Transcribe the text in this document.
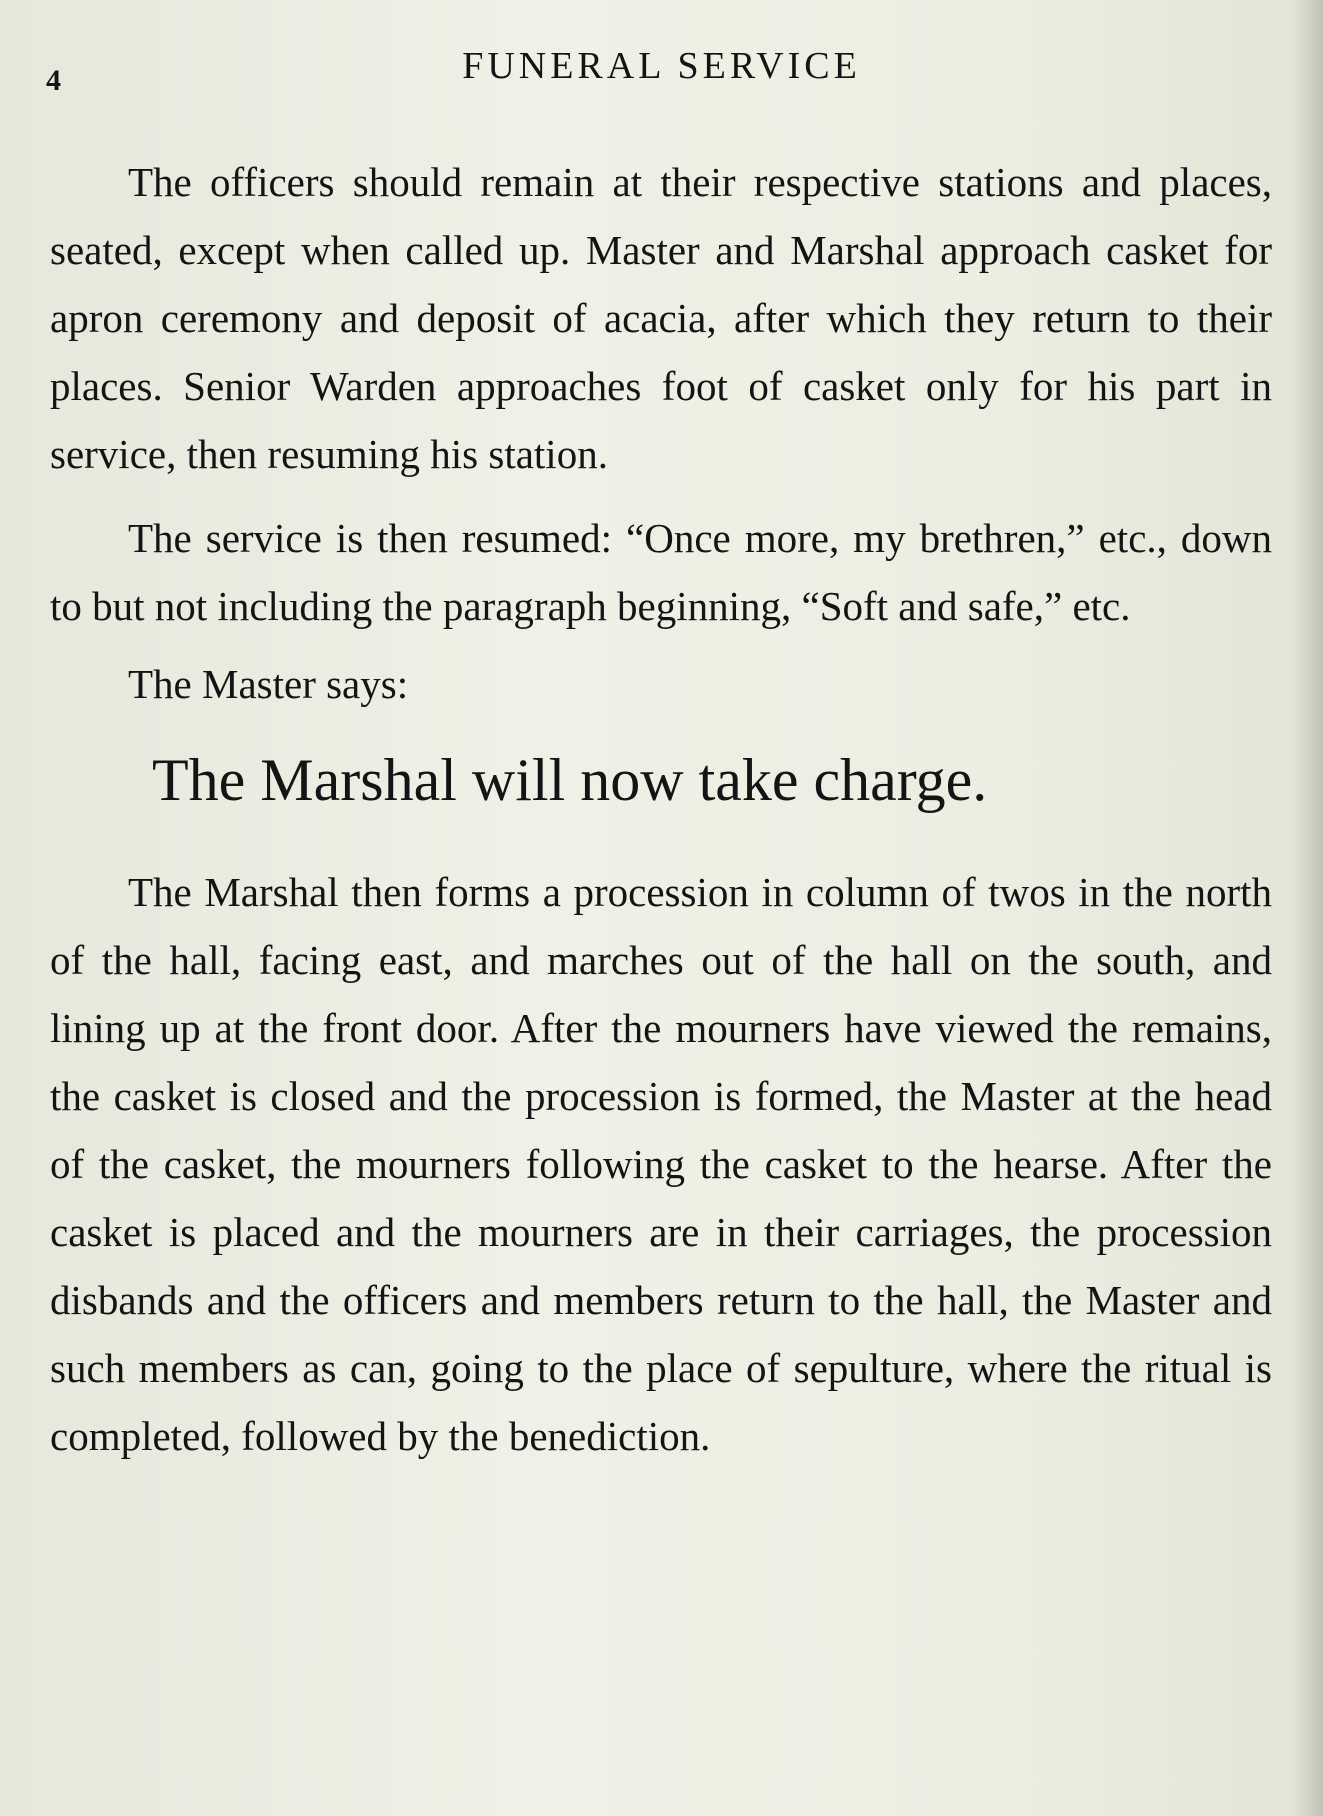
4	FUNERAL SERVICE

The officers should remain at their respective stations and places, seated, except when called up. Master and Marshal approach casket for apron ceremony and deposit of acacia, after which they return to their places. Senior Warden approaches foot of casket only for his part in service, then resuming his station.

The service is then resumed: “Once more, my brethren,” etc., down to but not including the paragraph beginning, “Soft and safe,” etc.

The Master says:

The Marshal will now take charge.

The Marshal then forms a procession in column of twos in the north of the hall, facing east, and marches out of the hall on the south, and lining up at the front door. After the mourners have viewed the remains, the casket is closed and the procession is formed, the Master at the head of the casket, the mourners following the casket to the hearse. After the casket is placed and the mourners are in their carriages, the procession disbands and the officers and members return to the hall, the Master and such members as can, going to the place of sepulture, where the ritual is completed, followed by the benediction.
